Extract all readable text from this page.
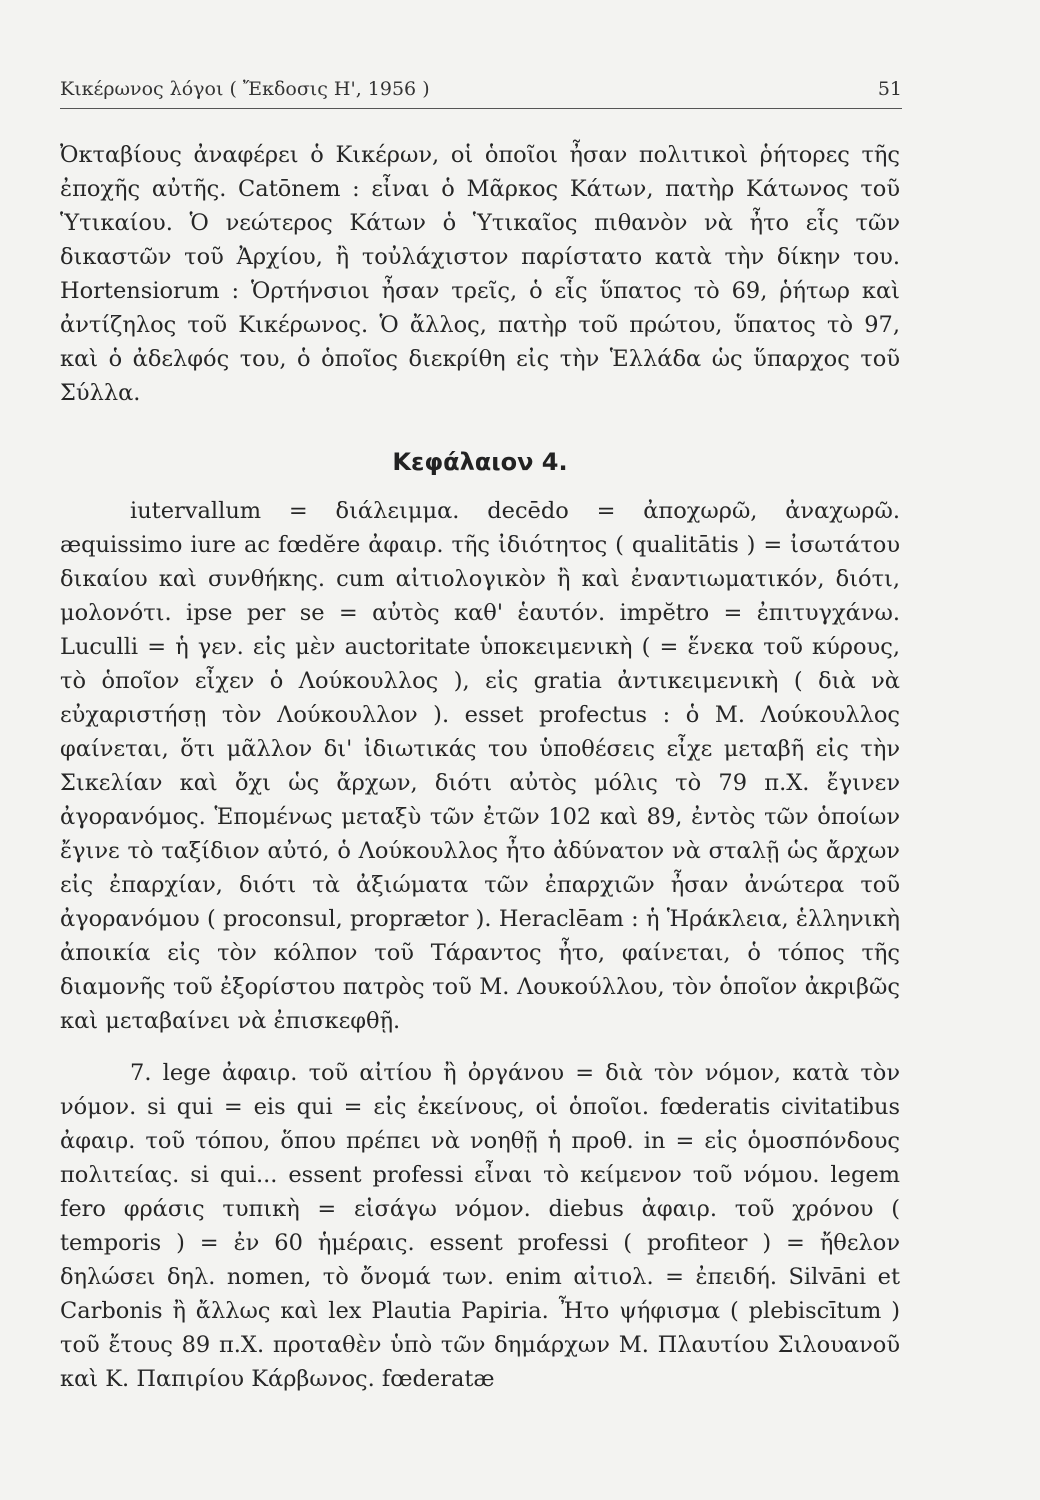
Κικέρωνος λόγοι ( Ἔκδοσις Η', 1956 )	51

Ὀκταβίους ἀναφέρει ὁ Κικέρων, οἱ ὁποῖοι ἦσαν πολιτικοὶ ῥήτορες τῆς ἐποχῆς αὐτῆς. Catōnem : εἶναι ὁ Μᾶρκος Κάτων, πατὴρ Κάτωνος τοῦ Ὑτικαίου. Ὁ νεώτερος Κάτων ὁ Ὑτικαῖος πιθανὸν νὰ ἦτο εἷς τῶν δικαστῶν τοῦ Ἀρχίου, ἢ τοὐλάχιστον παρίστατο κατὰ τὴν δίκην του. Hortensiorum : Ὁρτήνσιοι ἦσαν τρεῖς, ὁ εἷς ὕπατος τὸ 69, ῥήτωρ καὶ ἀντίζηλος τοῦ Κικέρωνος. Ὁ ἄλλος, πατὴρ τοῦ πρώτου, ὕπατος τὸ 97, καὶ ὁ ἀδελφός του, ὁ ὁποῖος διεκρίθη εἰς τὴν Ἑλλάδα ὡς ὕπαρχος τοῦ Σύλλα.

Κεφάλαιον 4.

iutervallum = διάλειμμα. decēdo = ἀποχωρῶ, ἀναχωρῶ. æquissimo iure ac fœdĕre ἀφαιρ. τῆς ἰδιότητος ( qualitātis ) = ἰσωτάτου δικαίου καὶ συνθήκης. cum αἰτιολογικὸν ἢ καὶ ἐναντιωματικόν, διότι, μολονότι. ipse per se = αὐτὸς καθ' ἑαυτόν. impĕtro = ἐπιτυγχάνω. Luculli = ἡ γεν. εἰς μὲν auctoritate ὑποκειμενικὴ ( = ἕνεκα τοῦ κύρους, τὸ ὁποῖον εἶχεν ὁ Λούκουλλος ), εἰς gratia ἀντικειμενικὴ ( διὰ νὰ εὐχαριστήσῃ τὸν Λούκουλλον ). esset profectus : ὁ Μ. Λούκουλλος φαίνεται, ὅτι μᾶλλον δι' ἰδιωτικάς του ὑποθέσεις εἶχε μεταβῆ εἰς τὴν Σικελίαν καὶ ὄχι ὡς ἄρχων, διότι αὐτὸς μόλις τὸ 79 π.Χ. ἔγινεν ἀγορανόμος. Ἑπομένως μεταξὺ τῶν ἐτῶν 102 καὶ 89, ἐντὸς τῶν ὁποίων ἔγινε τὸ ταξίδιον αὐτό, ὁ Λούκουλλος ἦτο ἀδύνατον νὰ σταλῇ ὡς ἄρχων εἰς ἐπαρχίαν, διότι τὰ ἀξιώματα τῶν ἐπαρχιῶν ἦσαν ἀνώτερα τοῦ ἀγορανόμου ( proconsul, proprætor ). Heraclēam : ἡ Ἡράκλεια, ἑλληνικὴ ἀποικία εἰς τὸν κόλπον τοῦ Τάραντος ἦτο, φαίνεται, ὁ τόπος τῆς διαμονῆς τοῦ ἐξορίστου πατρὸς τοῦ Μ. Λουκούλλου, τὸν ὁποῖον ἀκριβῶς καὶ μεταβαίνει νὰ ἐπισκεφθῇ.

7. lege ἀφαιρ. τοῦ αἰτίου ἢ ὀργάνου = διὰ τὸν νόμον, κατὰ τὸν νόμον. si qui = eis qui = εἰς ἐκείνους, οἱ ὁποῖοι. fœderatis civitatibus ἀφαιρ. τοῦ τόπου, ὅπου πρέπει νὰ νοηθῇ ἡ προθ. in = εἰς ὁμοσπόνδους πολιτείας. si qui... essent professi εἶναι τὸ κείμενον τοῦ νόμου. legem fero φράσις τυπικὴ = εἰσάγω νόμον. diebus ἀφαιρ. τοῦ χρόνου ( temporis ) = ἐν 60 ἡμέραις. essent professi ( profiteor ) = ἤθελον δηλώσει δηλ. nomen, τὸ ὄνομά των. enim αἰτιολ. = ἐπειδή. Silvāni et Carbonis ἢ ἄλλως καὶ lex Plautia Papiria. Ἦτο ψήφισμα ( plebiscītum ) τοῦ ἔτους 89 π.Χ. προταθὲν ὑπὸ τῶν δημάρχων Μ. Πλαυτίου Σιλουανοῦ καὶ Κ. Παπιρίου Κάρβωνος. fœderatæ
